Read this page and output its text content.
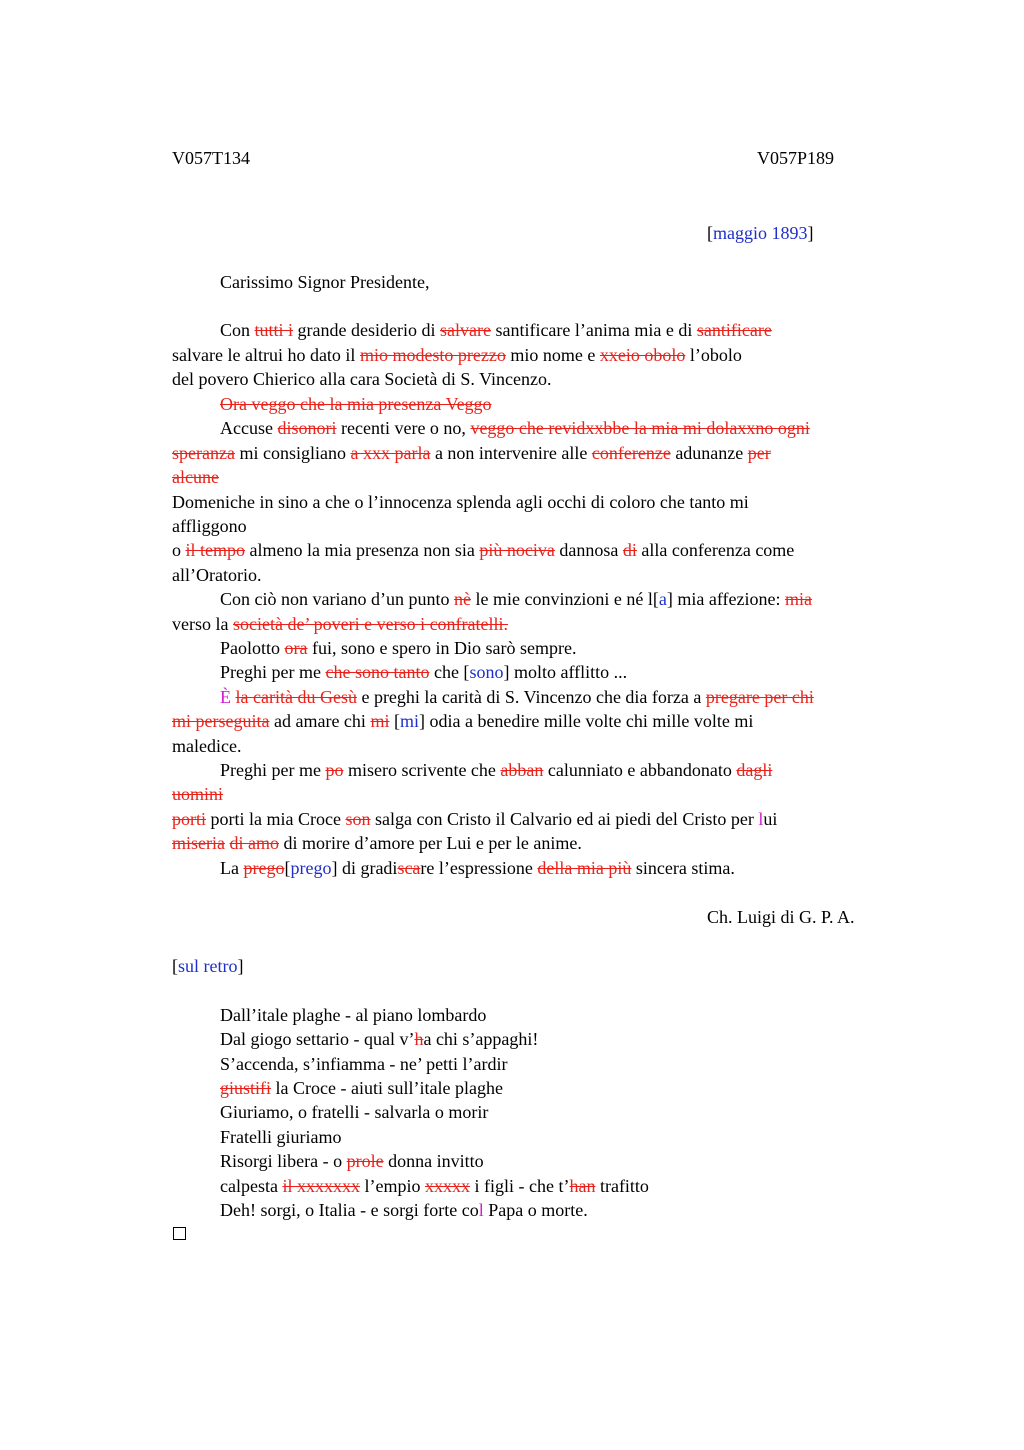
V057T134	V057P189
[maggio 1893]
Carissimo Signor Presidente,
Con tutti i grande desiderio di salvare santificare l’anima mia e di santificare
salvare le altrui ho dato il mio modesto prezzo mio nome e xxeio obolo l’obolo
del povero Chierico alla cara Società di S. Vincenzo.
Ora veggo che la mia presenza Veggo
Accuse disonori recenti vere o no, veggo che revidxxbbe la mia mi dolaxxno ogni
speranza mi consigliano a xxx parla a non intervenire alle conferenze adunanze per
alcune
Domeniche in sino a che o l’innocenza splenda agli occhi di coloro che tanto mi
affliggono
o il tempo almeno la mia presenza non sia più nociva dannosa di alla conferenza come
all’Oratorio.
Con ciò non variano d’un punto nè le mie convinzioni e né l[a] mia affezione: mia
verso la società de’ poveri e verso i confratelli.
Paolotto ora fui, sono e spero in Dio sarò sempre.
Preghi per me che sono tanto che [sono] molto afflitto ...
È la carità du Gesù e preghi la carità di S. Vincenzo che dia forza a pregare per chi
mi perseguita ad amare chi mi [mi] odia a benedire mille volte chi mille volte mi
maledice.
Preghi per me po misero scrivente che abban calunniato e abbandonato dagli
uomini
porti porti la mia Croce son salga con Cristo il Calvario ed ai piedi del Cristo per lui
miseria di amo di morire d’amore per Lui e per le anime.
La prego[prego] di gradiscare l’espressione della mia più sincera stima.
Ch. Luigi di G. P. A.
[sul retro]
Dall’itale plaghe - al piano lombardo
Dal giogo settario - qual v’ha chi s’appaghi!
S’accenda, s’infiamma - ne’ petti l’ardir
giustifi la Croce - aiuti sull’itale plaghe
Giuriamo, o fratelli - salvarla o morir
Fratelli giuriamo
Risorgi libera - o prole donna invitto
calpesta il xxxxxxx l’empio xxxxx i figli - che t’han trafitto
Deh! sorgi, o Italia - e sorgi forte col Papa o morte.
